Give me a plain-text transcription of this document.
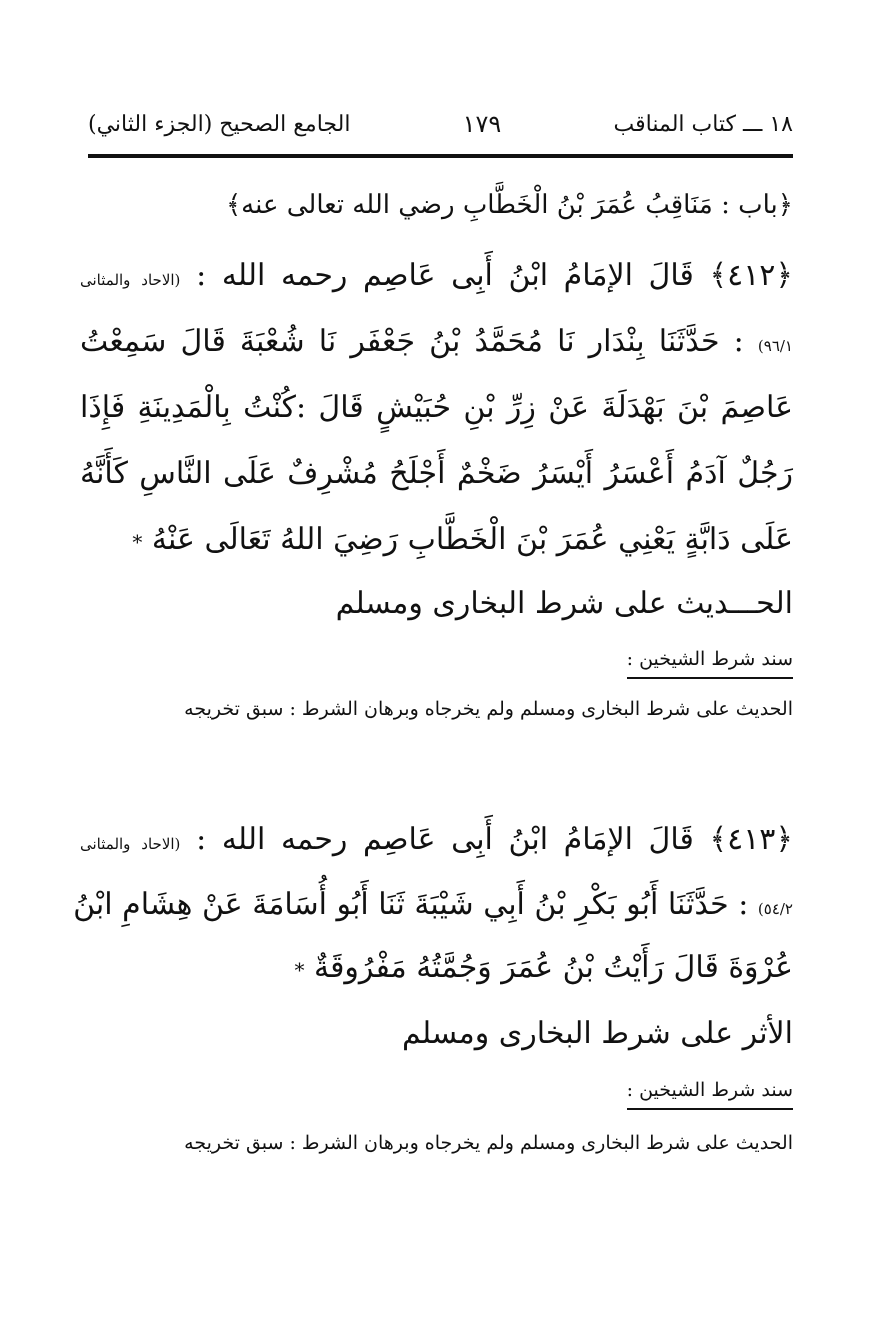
١٨ ـــ كتاب المناقب
١٧٩
الجامع الصحيح (الجزء الثاني)
﴿باب : مَنَاقِبُ عُمَرَ بْنُ الْخَطَّابِ رضي الله تعالى عنه﴾
﴿٤١٢﴾ قَالَ الإمَامُ ابْنُ أَبِى عَاصِم رحمه الله : (الاحاد والمثانى
٩٦/١) : حَدَّثَنَا بِنْدَار نَا مُحَمَّدُ بْنُ جَعْفَر نَا شُعْبَةَ قَالَ سَمِعْتُ
عَاصِمَ بْنَ بَهْدَلَةَ عَنْ زِرِّ بْنِ حُبَيْشٍ قَالَ :كُنْتُ بِالْمَدِينَةِ فَإِذَا
رَجُلٌ آدَمُ أَعْسَرُ أَيْسَرُ ضَخْمٌ أَجْلَحُ مُشْرِفٌ عَلَى النَّاسِ كَأَنَّهُ
عَلَى دَابَّةٍ يَعْنِي عُمَرَ بْنَ الْخَطَّابِ رَضِيَ اللهُ تَعَالَى عَنْهُ *
الحـــديث على شرط البخارى ومسلم
سند شرط الشيخين :
الحديث على شرط البخارى ومسلم ولم يخرجاه وبرهان الشرط : سبق تخريجه
﴿٤١٣﴾ قَالَ الإمَامُ ابْنُ أَبِى عَاصِم رحمه الله : (الاحاد والمثانى
٥٤/٢) : حَدَّثَنَا أَبُو بَكْرِ بْنُ أَبِي شَيْبَةَ ثَنَا أَبُو أُسَامَةَ عَنْ هِشَامِ ابْنُ
عُرْوَةَ قَالَ رَأَيْتُ بْنُ عُمَرَ وَجُمَّتُهُ مَفْرُوقَةٌ *
الأثر على شرط البخارى ومسلم
سند شرط الشيخين :
الحديث على شرط البخارى ومسلم ولم يخرجاه وبرهان الشرط : سبق تخريجه
